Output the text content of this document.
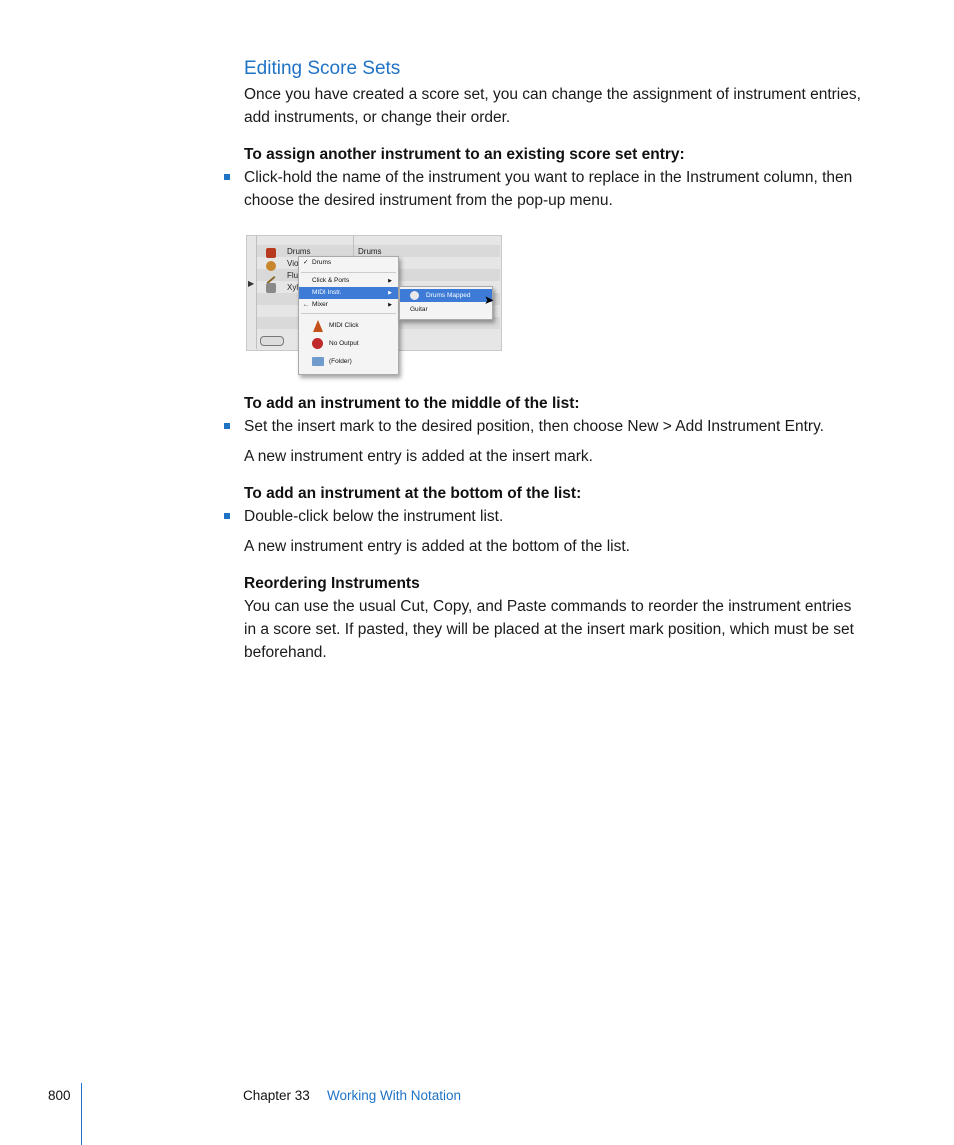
Editing Score Sets

Once you have created a score set, you can change the assignment of instrument entries, add instruments, or change their order.

To assign another instrument to an existing score set entry:

Click-hold the name of the instrument you want to replace in the Instrument column, then choose the desired instrument from the pop-up menu.

▶
Drums
Vio
Flu
Xyl
Drums
✓ Drums
Click & Ports	▶
MIDI Instr.	▶
← Mixer	▶
MIDI Click
No Output
(Folder)
Drums Mapped
Guitar
➤

To add an instrument to the middle of the list:

Set the insert mark to the desired position, then choose New > Add Instrument Entry.

A new instrument entry is added at the insert mark.

To add an instrument at the bottom of the list:

Double-click below the instrument list.

A new instrument entry is added at the bottom of the list.

Reordering Instruments

You can use the usual Cut, Copy, and Paste commands to reorder the instrument entries in a score set. If pasted, they will be placed at the insert mark position, which must be set beforehand.

800	Chapter 33 Working With Notation
